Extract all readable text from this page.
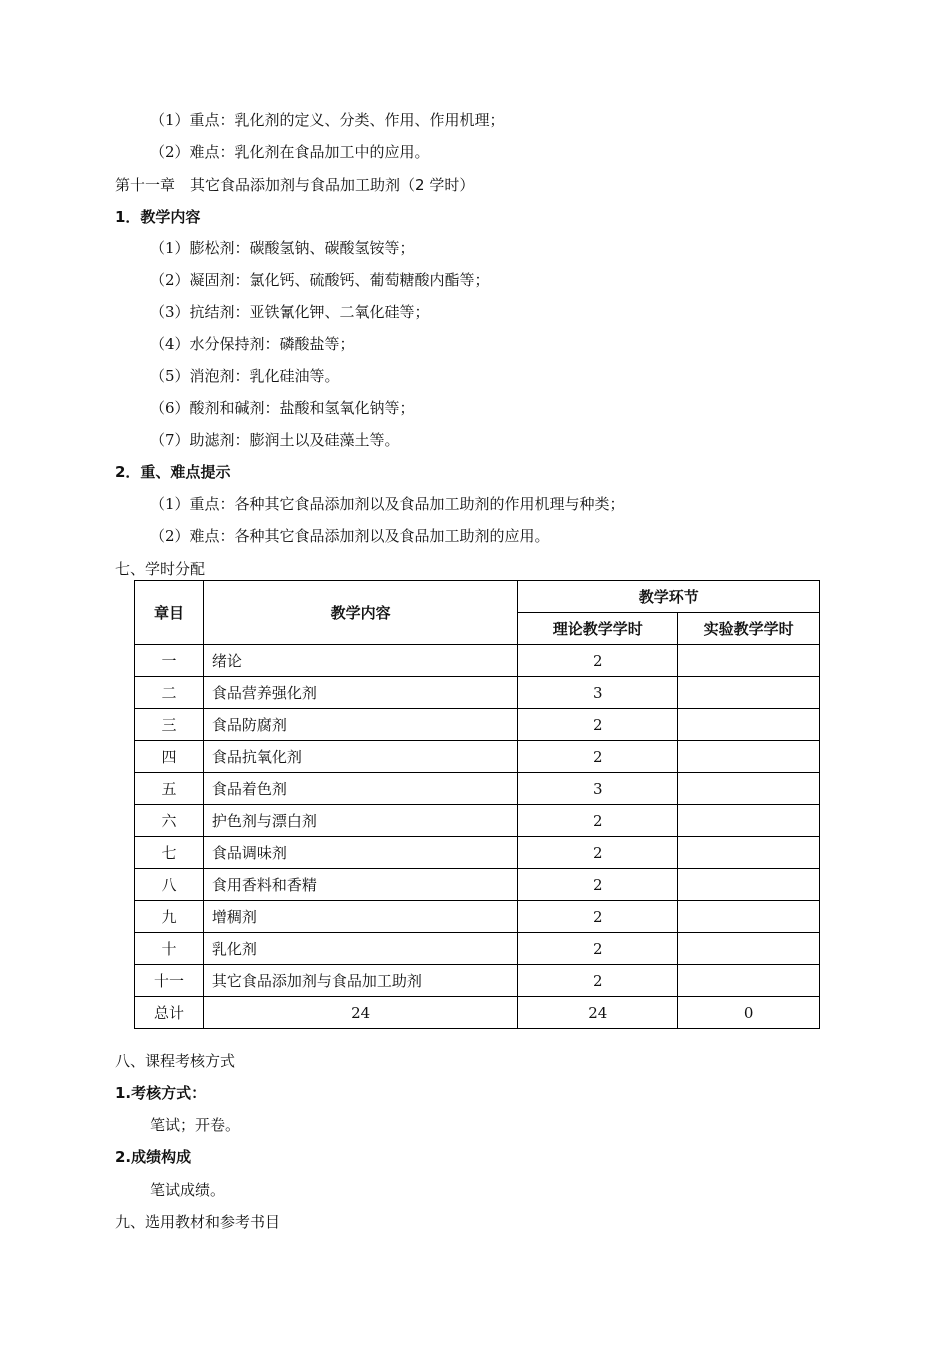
（1）重点：乳化剂的定义、分类、作用、作用机理；
（2）难点：乳化剂在食品加工中的应用。
第十一章　其它食品添加剂与食品加工助剂（2 学时）
1．教学内容
（1）膨松剂：碳酸氢钠、碳酸氢铵等；
（2）凝固剂：氯化钙、硫酸钙、葡萄糖酸内酯等；
（3）抗结剂：亚铁氰化钾、二氧化硅等；
（4）水分保持剂：磷酸盐等；
（5）消泡剂：乳化硅油等。
（6）酸剂和碱剂：盐酸和氢氧化钠等；
（7）助滤剂：膨润土以及硅藻土等。
2．重、难点提示
（1）重点：各种其它食品添加剂以及食品加工助剂的作用机理与种类；
（2）难点：各种其它食品添加剂以及食品加工助剂的应用。
七、学时分配
章目	教学内容	教学环节	
		理论教学学时	实验教学学时
一	绪论	2	
二	食品营养强化剂	3	
三	食品防腐剂	2	
四	食品抗氧化剂	2	
五	食品着色剂	3	
六	护色剂与漂白剂	2	
七	食品调味剂	2	
八	食用香料和香精	2	
九	增稠剂	2	
十	乳化剂	2	
十一	其它食品添加剂与食品加工助剂	2	
总计	24	24	0
八、课程考核方式
1.考核方式：
笔试；开卷。
2.成绩构成
笔试成绩。
九、选用教材和参考书目
